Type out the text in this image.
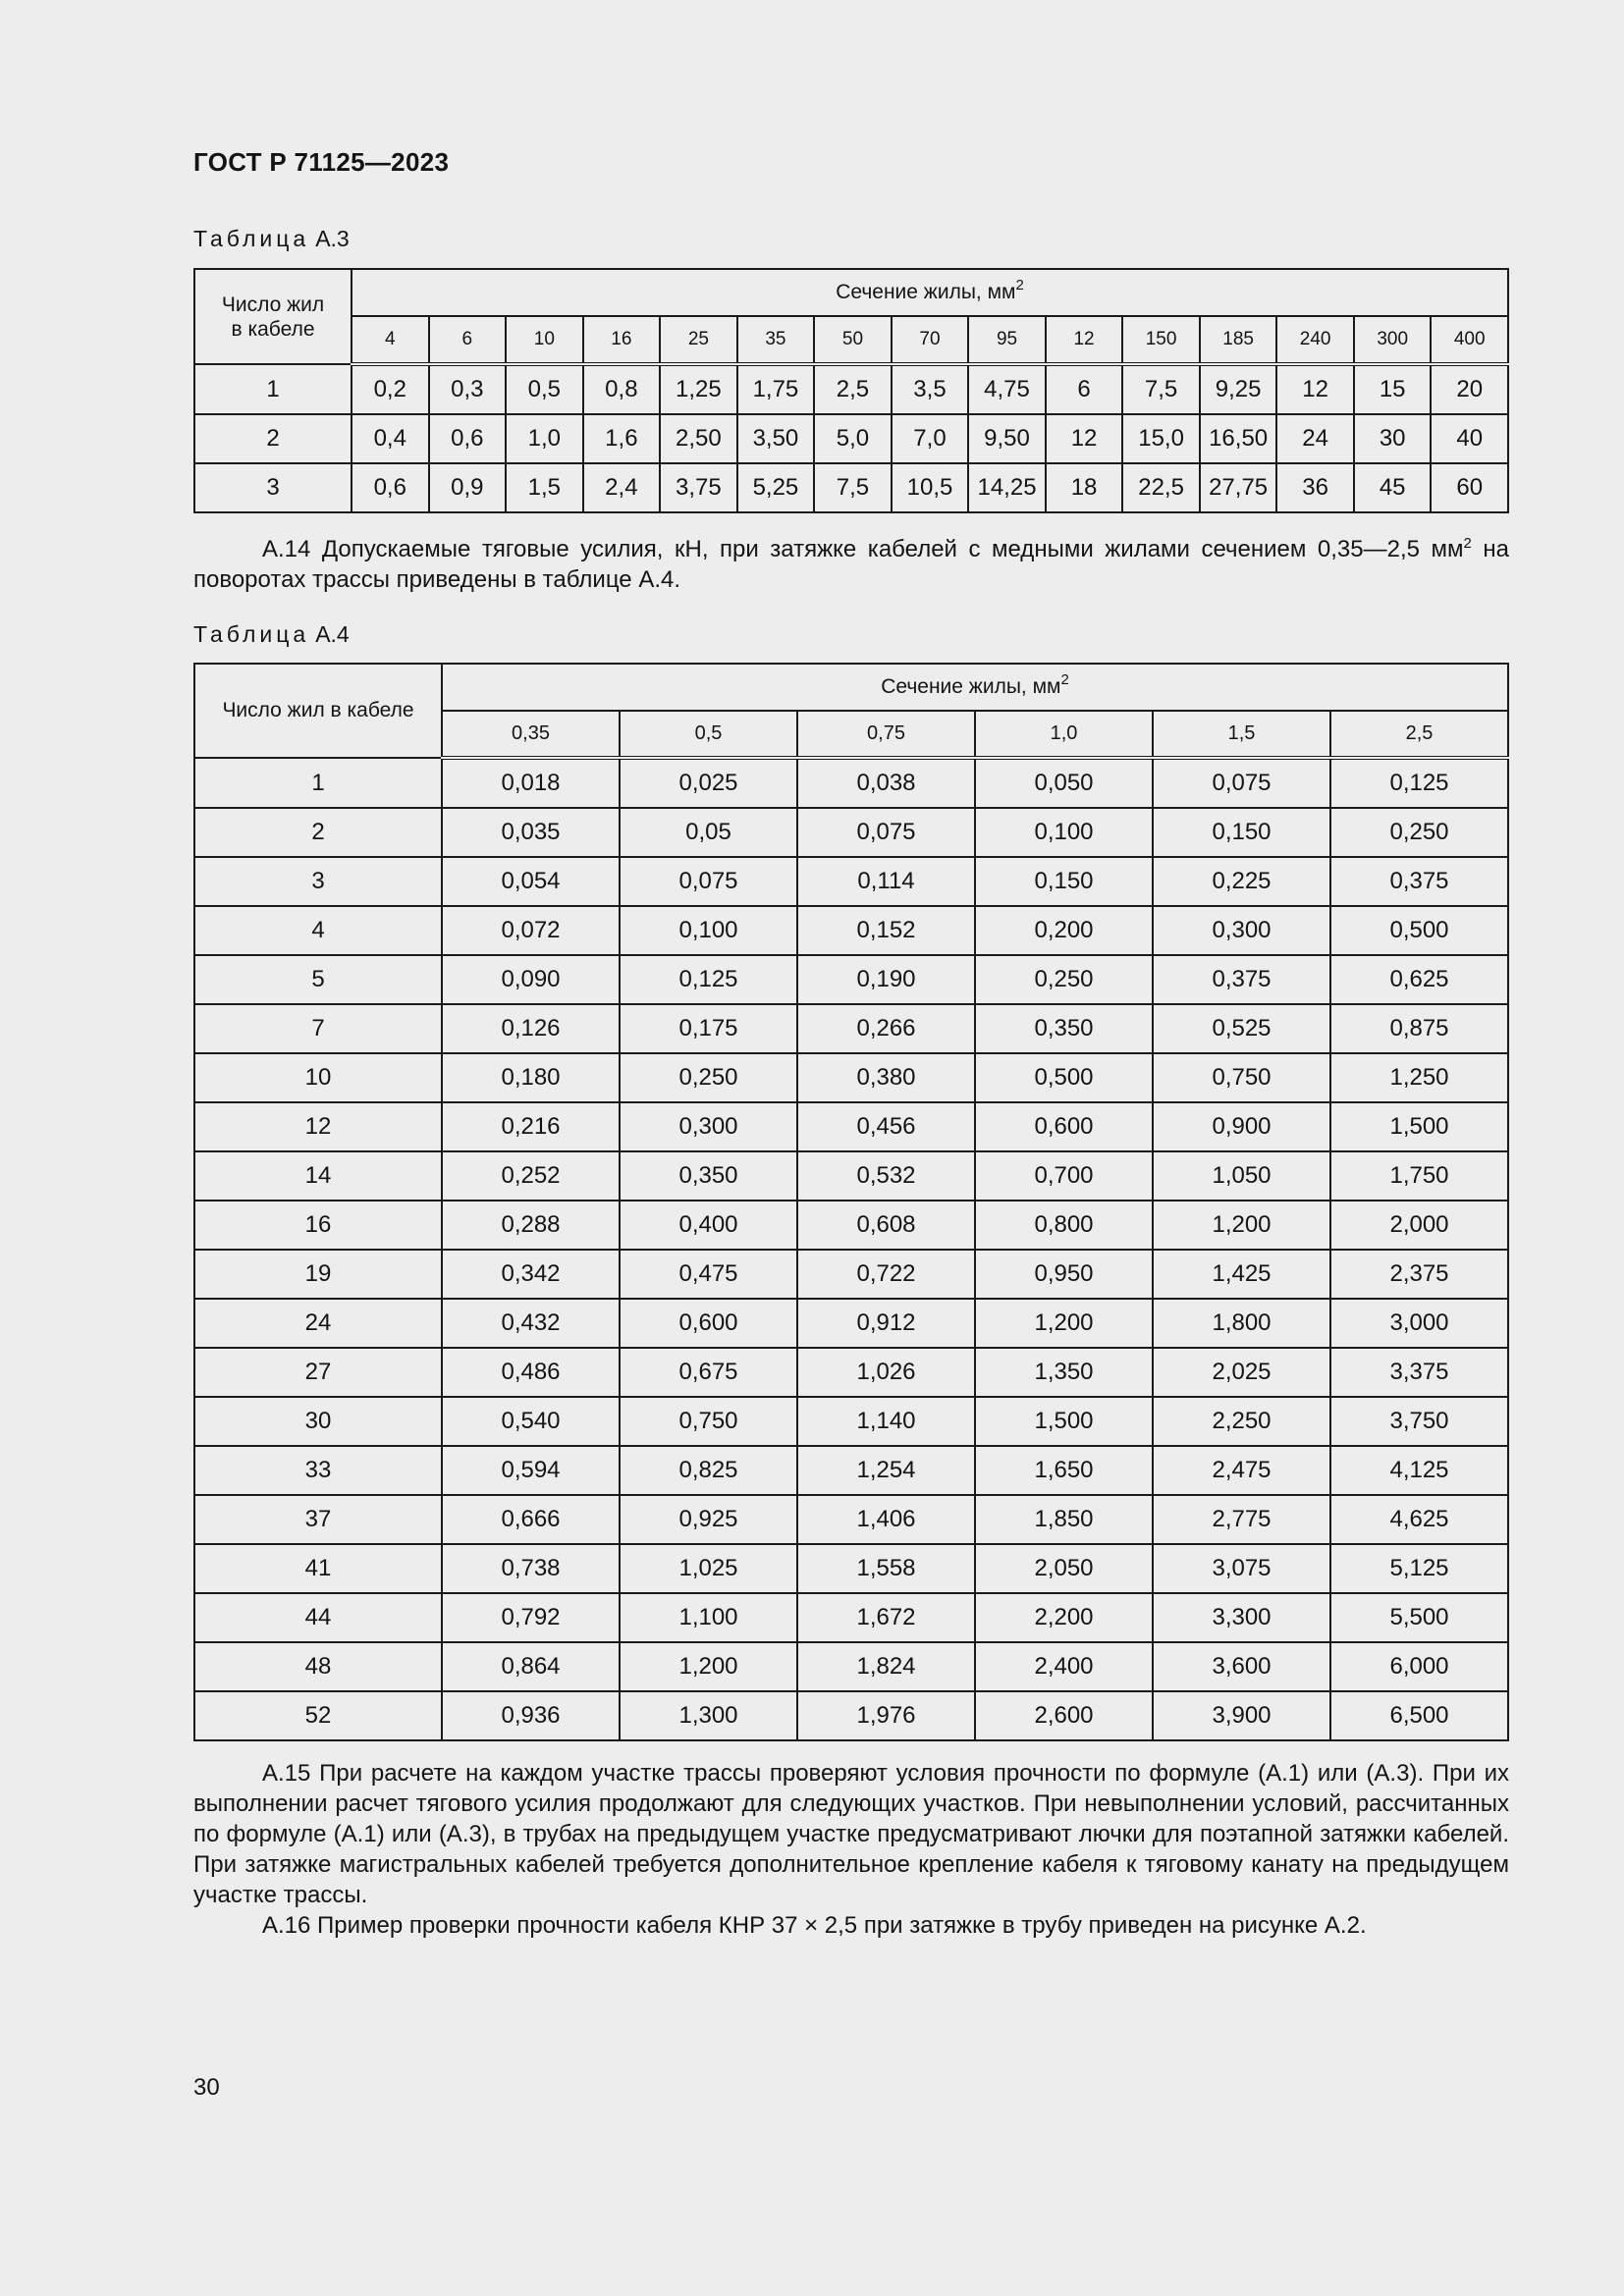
ГОСТ Р 71125—2023
Таблица А.3
Число жил
в кабеле	Сечение жилы, $мм^2$
	4	6	10	16	25	35	50	70	95	12	150	185	240	300	400
1	0,2	0,3	0,5	0,8	1,25	1,75	2,5	3,5	4,75	6	7,5	9,25	12	15	20
2	0,4	0,6	1,0	1,6	2,50	3,50	5,0	7,0	9,50	12	15,0	16,50	24	30	40
3	0,6	0,9	1,5	2,4	3,75	5,25	7,5	10,5	14,25	18	22,5	27,75	36	45	60

А.14 Допускаемые тяговые усилия, кН, при затяжке кабелей с медными жилами сечением 0,35—2,5 $мм^2$ на поворотах трассы приведены в таблице А.4.

Таблица А.4
Число жил в кабеле	Сечение жилы, $мм^2$
	0,35	0,5	0,75	1,0	1,5	2,5
1	0,018	0,025	0,038	0,050	0,075	0,125
2	0,035	0,05	0,075	0,100	0,150	0,250
3	0,054	0,075	0,114	0,150	0,225	0,375
4	0,072	0,100	0,152	0,200	0,300	0,500
5	0,090	0,125	0,190	0,250	0,375	0,625
7	0,126	0,175	0,266	0,350	0,525	0,875
10	0,180	0,250	0,380	0,500	0,750	1,250
12	0,216	0,300	0,456	0,600	0,900	1,500
14	0,252	0,350	0,532	0,700	1,050	1,750
16	0,288	0,400	0,608	0,800	1,200	2,000
19	0,342	0,475	0,722	0,950	1,425	2,375
24	0,432	0,600	0,912	1,200	1,800	3,000
27	0,486	0,675	1,026	1,350	2,025	3,375
30	0,540	0,750	1,140	1,500	2,250	3,750
33	0,594	0,825	1,254	1,650	2,475	4,125
37	0,666	0,925	1,406	1,850	2,775	4,625
41	0,738	1,025	1,558	2,050	3,075	5,125
44	0,792	1,100	1,672	2,200	3,300	5,500
48	0,864	1,200	1,824	2,400	3,600	6,000
52	0,936	1,300	1,976	2,600	3,900	6,500

А.15 При расчете на каждом участке трассы проверяют условия прочности по формуле (А.1) или (А.3). При их выполнении расчет тягового усилия продолжают для следующих участков. При невыполнении условий, рассчитанных по формуле (А.1) или (А.3), в трубах на предыдущем участке предусматривают лючки для поэтапной затяжки кабелей. При затяжке магистральных кабелей требуется дополнительное крепление кабеля к тяговому канату на предыдущем участке трассы.

А.16 Пример проверки прочности кабеля КНР 37 × 2,5 при затяжке в трубу приведен на рисунке А.2.

30
